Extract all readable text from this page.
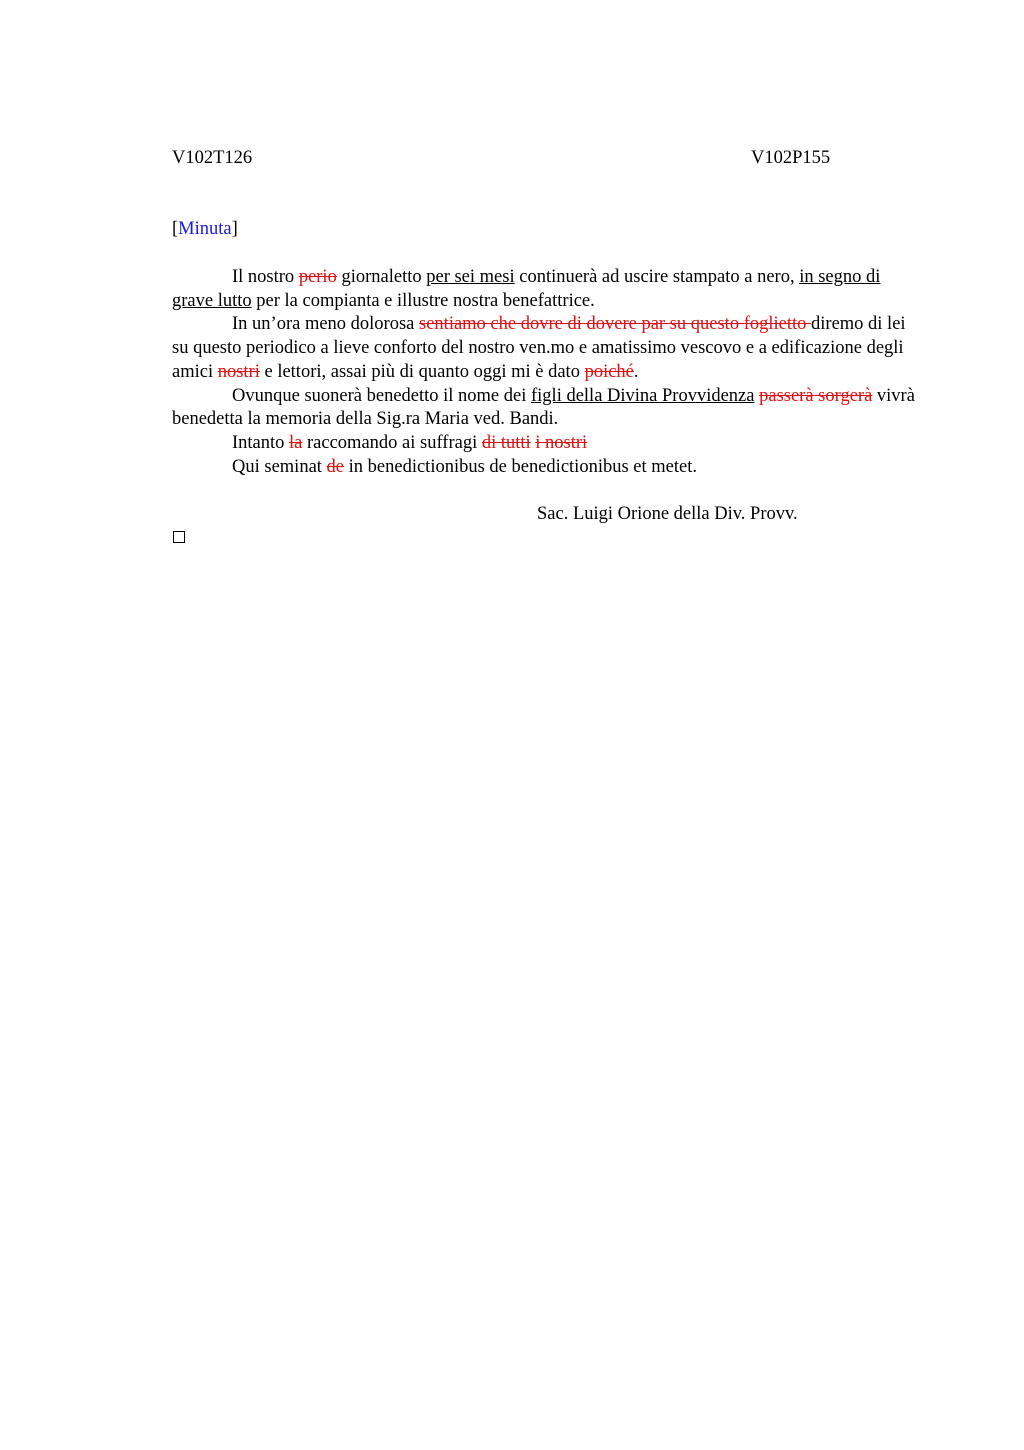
V102T126	V102P155
[Minuta]

Il nostro perio giornaletto per sei mesi continuerà ad uscire stampato a nero, in segno di grave lutto per la compianta e illustre nostra benefattrice.

In un’ora meno dolorosa sentiamo che dovre di dovere par su questo foglietto diremo di lei su questo periodico a lieve conforto del nostro ven.mo e amatissimo vescovo e a edificazione degli amici nostri e lettori, assai più di quanto oggi mi è dato poiché.

Ovunque suonerà benedetto il nome dei figli della Divina Provvidenza passerà sorgerà vivrà benedetta la memoria della Sig.ra Maria ved. Bandi.

Intanto la raccomando ai suffragi di tutti i nostri

Qui seminat de in benedictionibus de benedictionibus et metet.

Sac. Luigi Orione della Div. Provv.
